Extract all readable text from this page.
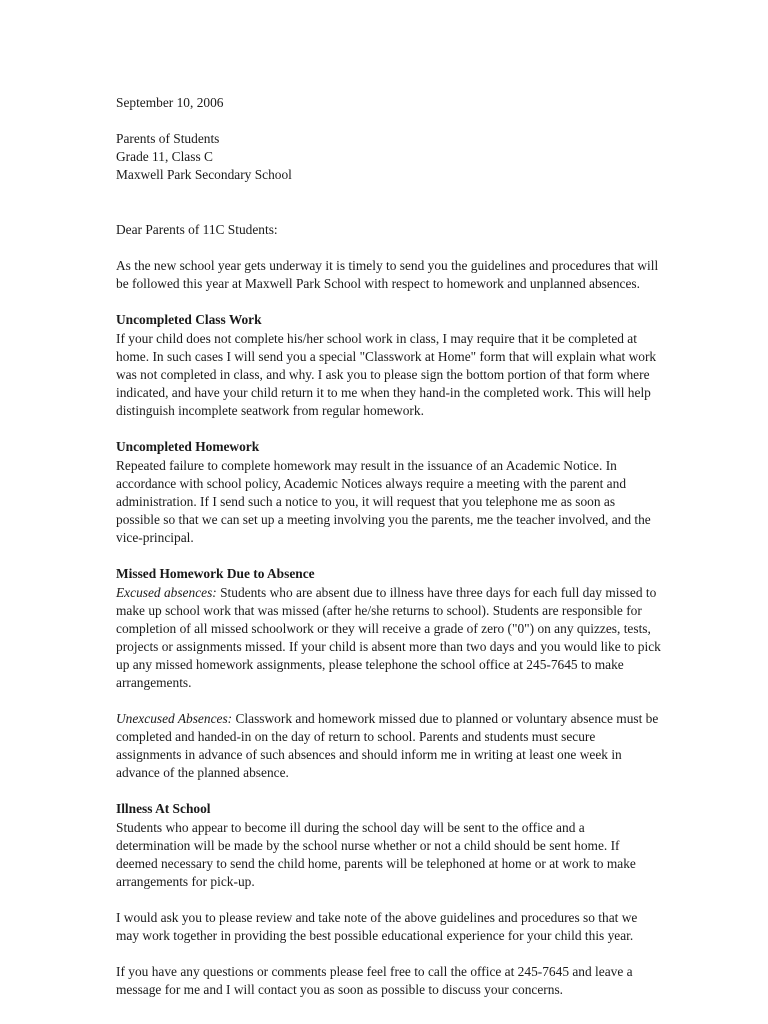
September 10, 2006
Parents of Students
Grade 11, Class C
Maxwell Park Secondary School
Dear Parents of 11C Students:

As the new school year gets underway it is timely to send you the guidelines and procedures that will be followed this year at Maxwell Park School with respect to homework and unplanned absences.

Uncompleted Class Work

If your child does not complete his/her school work in class, I may require that it be completed at home. In such cases I will send you a special "Classwork at Home" form that will explain what work was not completed in class, and why. I ask you to please sign the bottom portion of that form where indicated, and have your child return it to me when they hand-in the completed work. This will help distinguish incomplete seatwork from regular homework.

Uncompleted Homework

Repeated failure to complete homework may result in the issuance of an Academic Notice. In accordance with school policy, Academic Notices always require a meeting with the parent and administration. If I send such a notice to you, it will request that you telephone me as soon as possible so that we can set up a meeting involving you the parents, me the teacher involved, and the vice-principal.

Missed Homework Due to Absence

Excused absences: Students who are absent due to illness have three days for each full day missed to make up school work that was missed (after he/she returns to school). Students are responsible for completion of all missed schoolwork or they will receive a grade of zero ("0") on any quizzes, tests, projects or assignments missed. If your child is absent more than two days and you would like to pick up any missed homework assignments, please telephone the school office at 245-7645 to make arrangements.

Unexcused Absences: Classwork and homework missed due to planned or voluntary absence must be completed and handed-in on the day of return to school. Parents and students must secure assignments in advance of such absences and should inform me in writing at least one week in advance of the planned absence.

Illness At School

Students who appear to become ill during the school day will be sent to the office and a determination will be made by the school nurse whether or not a child should be sent home. If deemed necessary to send the child home, parents will be telephoned at home or at work to make arrangements for pick-up.

I would ask you to please review and take note of the above guidelines and procedures so that we may work together in providing the best possible educational experience for your child this year.

If you have any questions or comments please feel free to call the office at 245-7645 and leave a message for me and I will contact you as soon as possible to discuss your concerns.
